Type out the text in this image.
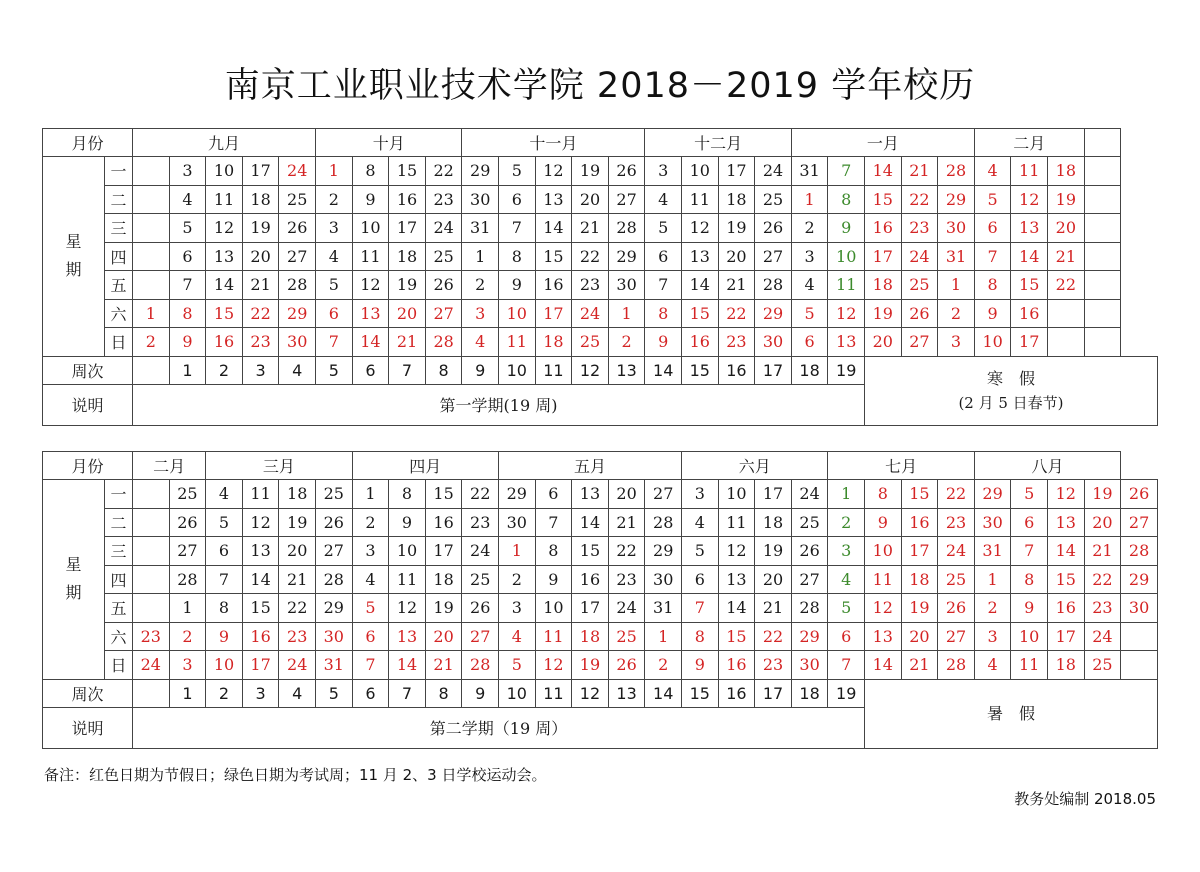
南京工业职业技术学院 2018－2019 学年校历
月份		九月					十月				十一月					十二月				一月					二月			
星
期	一		3	10	17	24	1	8	15	22	29	5	12	19	26	3	10	17	24	31	7	14	21	28	4	11	18	
	二		4	11	18	25	2	9	16	23	30	6	13	20	27	4	11	18	25	1	8	15	22	29	5	12	19	
	三		5	12	19	26	3	10	17	24	31	7	14	21	28	5	12	19	26	2	9	16	23	30	6	13	20	
	四		6	13	20	27	4	11	18	25	1	8	15	22	29	6	13	20	27	3	10	17	24	31	7	14	21	
	五		7	14	21	28	5	12	19	26	2	9	16	23	30	7	14	21	28	4	11	18	25	1	8	15	22	
	六	1	8	15	22	29	6	13	20	27	3	10	17	24	1	8	15	22	29	5	12	19	26	2	9	16		
	日	2	9	16	23	30	7	14	21	28	4	11	18	25	2	9	16	23	30	6	13	20	27	3	10	17		
周次			1	2	3	4	5	6	7	8	9	10	11	12	13	14	15	16	17	18	19	寒　假
(2 月 5 日春节)						

说明		第一学期(19 周)																										
月份		二月		三月				四月				五月					六月				七月				八月				
星
期	一		25	4	11	18	25	1	8	15	22	29	6	13	20	27	3	10	17	24	1	8	15	22	29	5	12	19	26
	二		26	5	12	19	26	2	9	16	23	30	7	14	21	28	4	11	18	25	2	9	16	23	30	6	13	20	27
	三		27	6	13	20	27	3	10	17	24	1	8	15	22	29	5	12	19	26	3	10	17	24	31	7	14	21	28
	四		28	7	14	21	28	4	11	18	25	2	9	16	23	30	6	13	20	27	4	11	18	25	1	8	15	22	29
	五		1	8	15	22	29	5	12	19	26	3	10	17	24	31	7	14	21	28	5	12	19	26	2	9	16	23	30
	六	23	2	9	16	23	30	6	13	20	27	4	11	18	25	1	8	15	22	29	6	13	20	27	3	10	17	24	
	日	24	3	10	17	24	31	7	14	21	28	5	12	19	26	2	9	16	23	30	7	14	21	28	4	11	18	25	
周次			1	2	3	4	5	6	7	8	9	10	11	12	13	14	15	16	17	18	19	暑　假							
说明		第二学期（19 周）																											
备注：红色日期为节假日；绿色日期为考试周；11 月 2、3 日学校运动会。
教务处编制 2018.05
